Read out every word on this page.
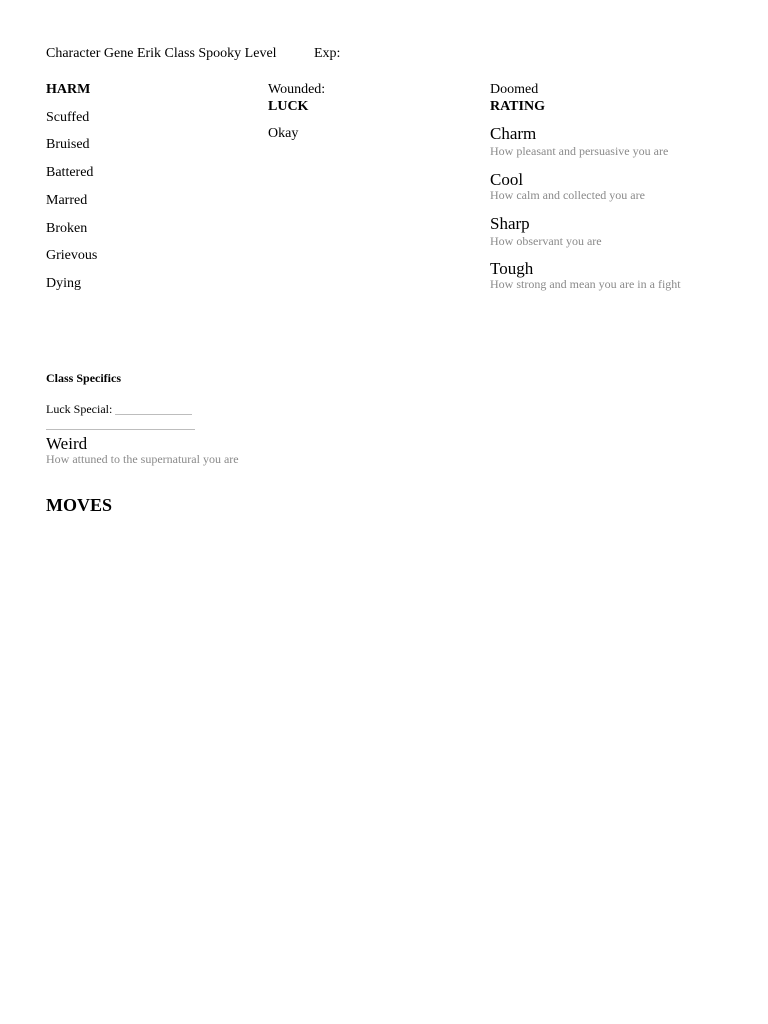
Character Gene Erik Class Spooky Level	Exp:
HARM
Scuffed
Bruised
Battered
Marred
Broken
Grievous
Dying
Wounded:
LUCK
Okay
Doomed
RATING
Charm
How pleasant and persuasive you are
Cool
How calm and collected you are
Sharp
How observant you are
Tough
How strong and mean you are in a fight
Class Specifics
Luck Special:
Weird
How attuned to the supernatural you are
MOVES
